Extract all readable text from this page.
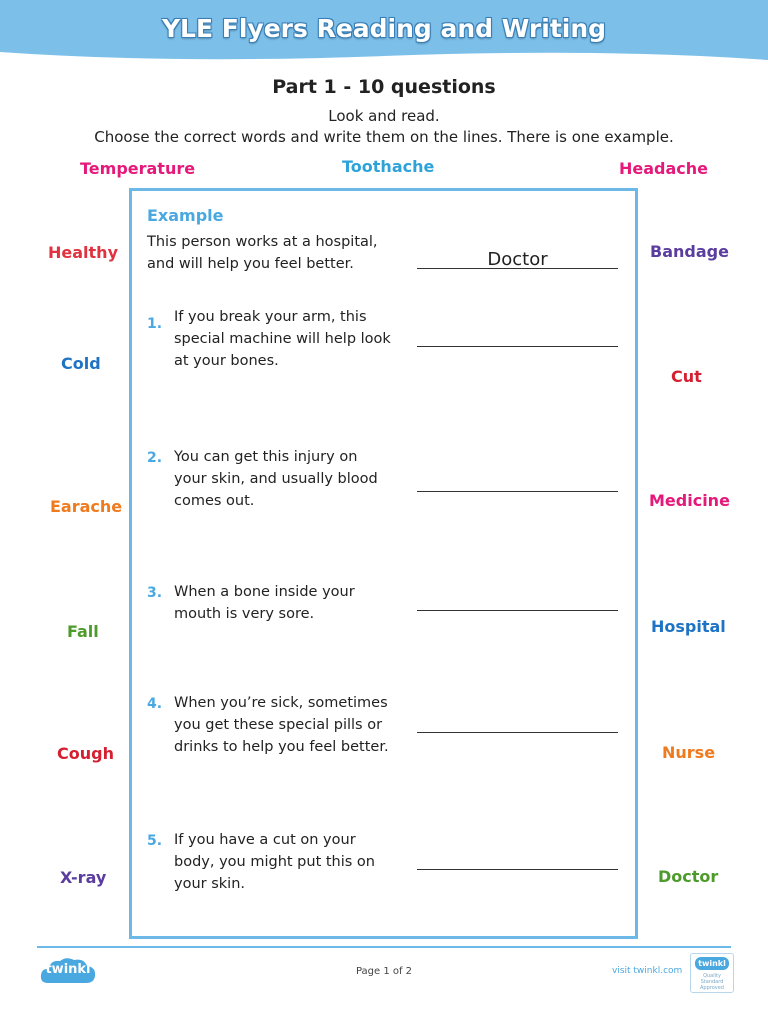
YLE Flyers Reading and Writing
Part 1 - 10 questions
Look and read.
Choose the correct words and write them on the lines. There is one example.
Temperature	Toothache	Headache
Healthy	Bandage
Cold
Cut
Earache	Medicine
Fall	Hospital
Cough	Nurse
X-ray	Doctor
Example
This person works at a hospital,
and will help you feel better.	Doctor
1. If you break your arm, this
special machine will help look
at your bones.
2. You can get this injury on
your skin, and usually blood
comes out.
3. When a bone inside your
mouth is very sore.
4. When you’re sick, sometimes
you get these special pills or
drinks to help you feel better.
5. If you have a cut on your
body, you might put this on
your skin.
twinkl	Page 1 of 2	visit twinkl.com
twinkl
Quality Standard Approved
